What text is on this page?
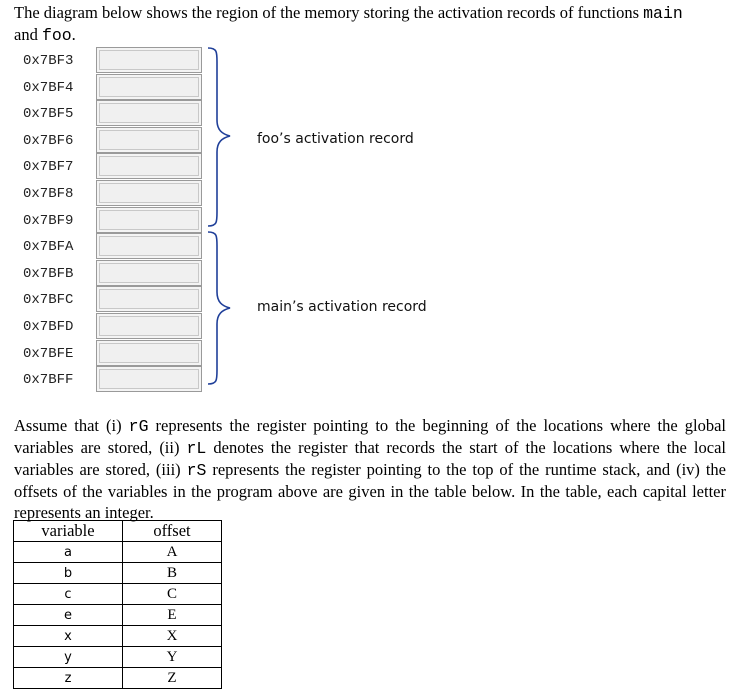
The diagram below shows the region of the memory storing the activation records of functions main
and foo.
0x7BF3
0x7BF4
0x7BF5
0x7BF6
0x7BF7
0x7BF8
0x7BF9
0x7BFA
0x7BFB
0x7BFC
0x7BFD
0x7BFE
0x7BFF
foo’s activation record
main’s activation record
Assume that (i) rG represents the register pointing to the beginning of the locations where the global variables are stored, (ii) rL denotes the register that records the start of the locations where the local variables are stored, (iii) rS represents the register pointing to the top of the runtime stack, and (iv) the offsets of the variables in the program above are given in the table below. In the table, each capital letter represents an integer.
variable	offset
a	A
b	B
c	C
e	E
x	X
y	Y
z	Z
